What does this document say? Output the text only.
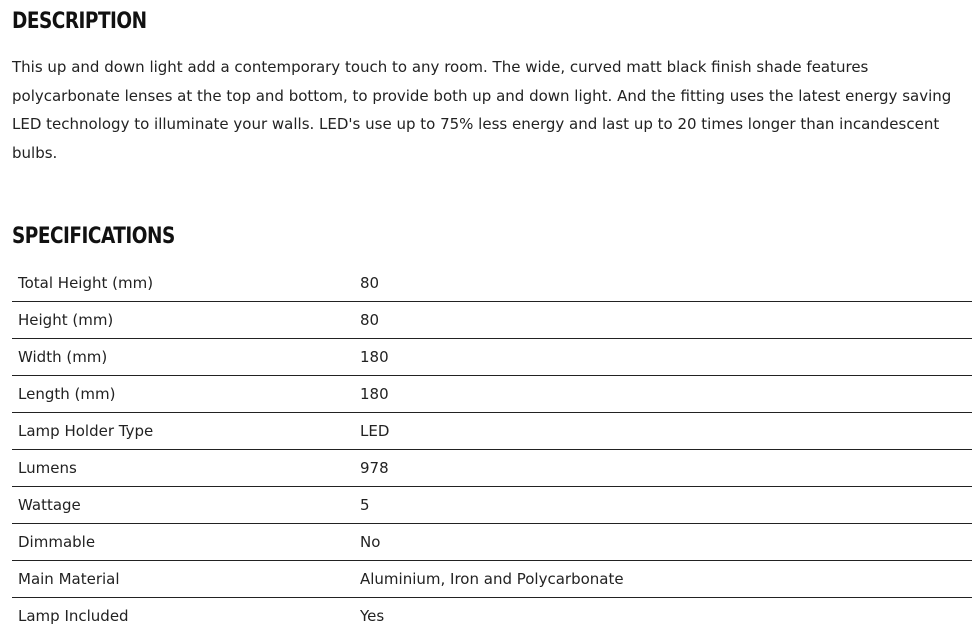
DESCRIPTION

This up and down light add a contemporary touch to any room. The wide, curved matt black finish shade features polycarbonate lenses at the top and bottom, to provide both up and down light. And the fitting uses the latest energy saving LED technology to illuminate your walls. LED's use up to 75% less energy and last up to 20 times longer than incandescent bulbs.

SPECIFICATIONS
Total Height (mm)	80
Height (mm)	80
Width (mm)	180
Length (mm)	180
Lamp Holder Type	LED
Lumens	978
Wattage	5
Dimmable	No
Main Material	Aluminium, Iron and Polycarbonate
Lamp Included	Yes
